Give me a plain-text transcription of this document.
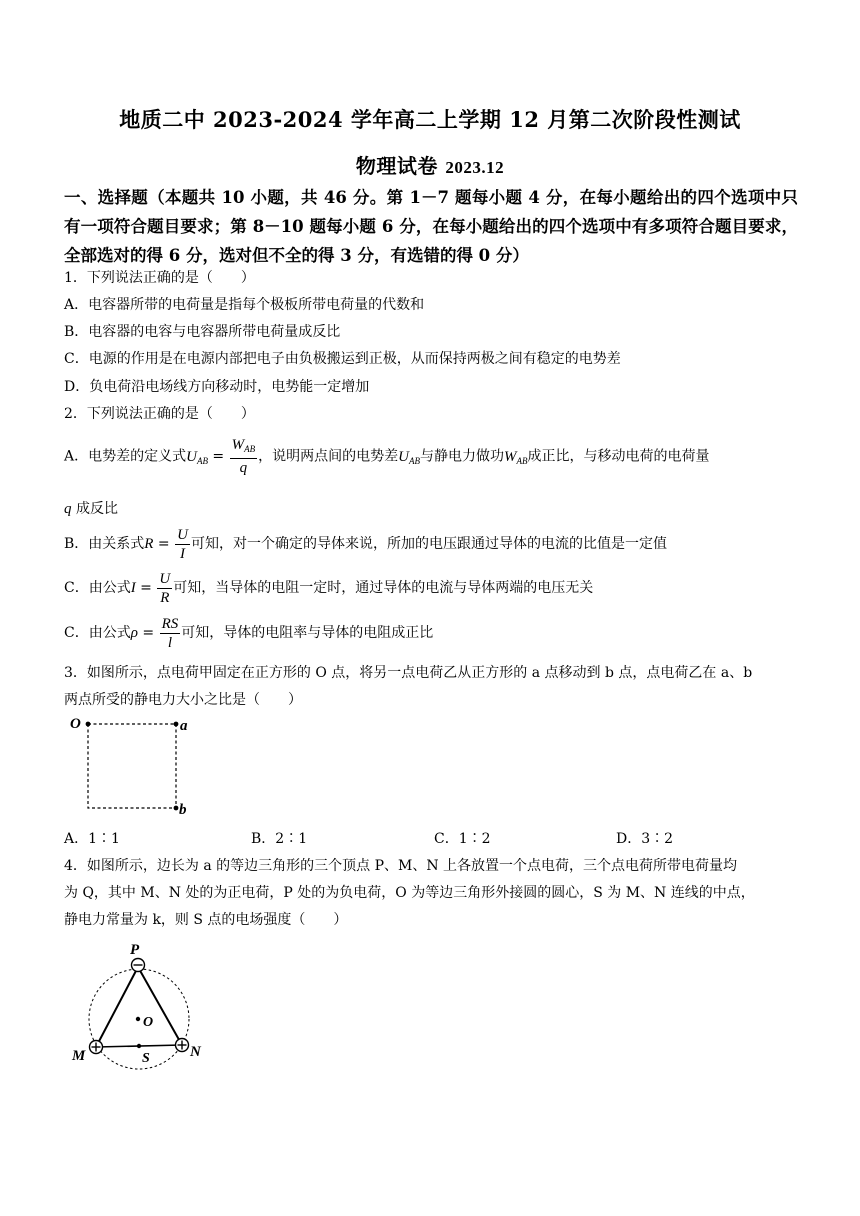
地质二中 2023-2024 学年高二上学期 12 月第二次阶段性测试
物理试卷 2023.12
一、选择题（本题共 10 小题，共 46 分。第 1－7 题每小题 4 分，在每小题给出的四个选项中只有一项符合题目要求；第 8－10 题每小题 6 分，在每小题给出的四个选项中有多项符合题目要求，全部选对的得 6 分，选对但不全的得 3 分，有选错的得 0 分）
1．下列说法正确的是（　　）
A．电容器所带的电荷量是指每个极板所带电荷量的代数和
B．电容器的电容与电容器所带电荷量成反比
C．电源的作用是在电源内部把电子由负极搬运到正极，从而保持两极之间有稳定的电势差
D．负电荷沿电场线方向移动时，电势能一定增加
2．下列说法正确的是（　　）
A．电势差的定义式$U_{AB} = \frac{W_{AB}}{q}$ ，说明两点间的电势差$U_{AB}$与静电力做功$W_{AB}$成正比，与移动电荷的电荷量
q 成反比
B．由关系式$R = \frac{U}{I}$ 可知，对一个确定的导体来说，所加的电压跟通过导体的电流的比值是一定值
C．由公式$I = \frac{U}{R}$ 可知，当导体的电阻一定时，通过导体的电流与导体两端的电压无关
C．由公式$\rho = \frac{RS}{l}$ 可知，导体的电阻率与导体的电阻成正比
3．如图所示，点电荷甲固定在正方形的 O 点，将另一点电荷乙从正方形的 a 点移动到 b 点，点电荷乙在 a、b
两点所受的静电力大小之比是（　　）
O	a
b
A．1∶1	B．2∶1	C．1∶2	D．3∶2
4．如图所示，边长为 a 的等边三角形的三个顶点 P、M、N 上各放置一个点电荷，三个点电荷所带电荷量均
为 Q，其中 M、N 处的为正电荷，P 处的为负电荷，O 为等边三角形外接圆的圆心，S 为 M、N 连线的中点，
静电力常量为 k，则 S 点的电场强度（　　）
P
M	N
O
S
